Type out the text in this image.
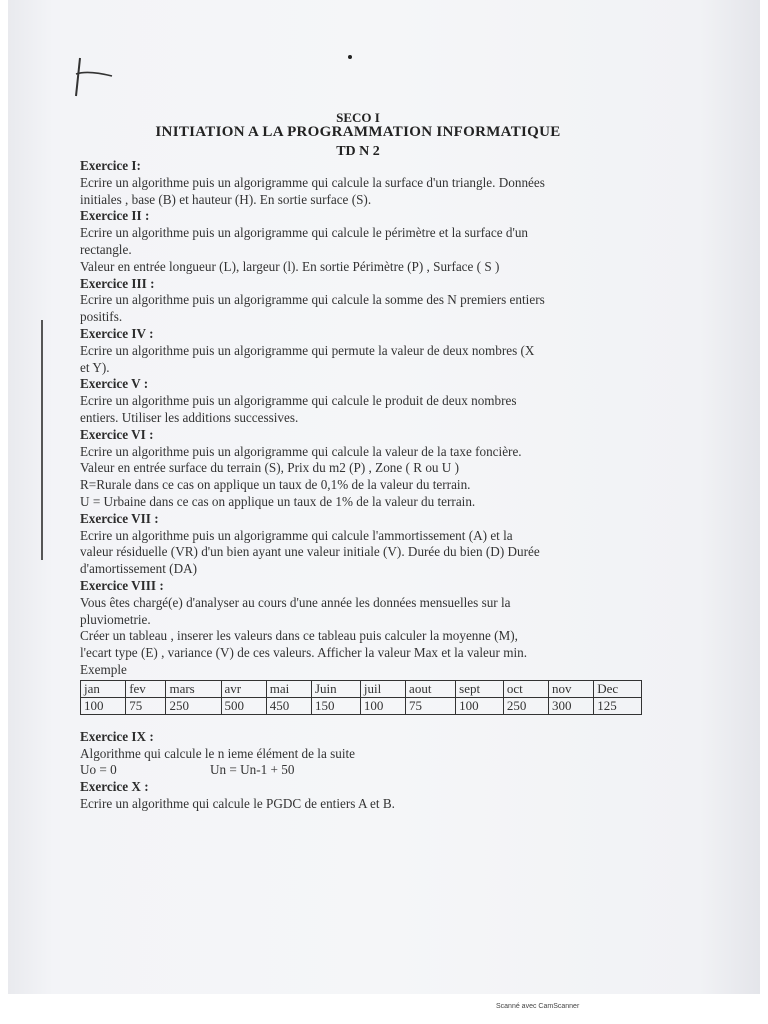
SECO I
INITIATION A LA PROGRAMMATION INFORMATIQUE
TD N 2

Exercice I:

Ecrire un algorithme puis un algorigramme qui calcule la surface d'un triangle. Données

initiales , base (B) et hauteur (H). En sortie surface (S).

Exercice II :

Ecrire un algorithme puis un algorigramme qui calcule le périmètre et la surface d'un

rectangle.

Valeur en entrée longueur (L), largeur (l). En sortie Périmètre (P) , Surface ( S )

Exercice III :

Ecrire un algorithme puis un algorigramme qui calcule la somme des N premiers entiers

positifs.

Exercice IV :

Ecrire un algorithme puis un algorigramme qui permute la valeur de deux nombres (X

et Y).

Exercice V :

Ecrire un algorithme puis un algorigramme qui calcule le produit de deux nombres

entiers. Utiliser les additions successives.

Exercice VI :

Ecrire un algorithme puis un algorigramme qui calcule la valeur de la taxe foncière.

Valeur en entrée surface du terrain (S), Prix du m2 (P) , Zone ( R ou U )

R=Rurale dans ce cas on applique un taux de 0,1% de la valeur du terrain.

U = Urbaine dans ce cas on applique un taux de 1% de la valeur du terrain.

Exercice VII :

Ecrire un algorithme puis un algorigramme qui calcule l'ammortissement (A) et la

valeur résiduelle (VR) d'un bien ayant une valeur initiale (V). Durée du bien (D) Durée

d'amortissement (DA)

Exercice VIII :

Vous êtes chargé(e) d'analyser au cours d'une année les données mensuelles sur la

pluviometrie.

Créer un tableau , inserer les valeurs dans ce tableau puis calculer la moyenne (M),

l'ecart type (E) , variance (V) de ces valeurs. Afficher la valeur Max et la valeur min.

Exemple

jan	fev	mars	avr	mai	Juin	juil	aout	sept	oct	nov	Dec
100	75	250	500	450	150	100	75	100	250	300	125

Exercice IX :

Algorithme qui calcule le n ieme élément de la suite

Uo = 0	Un = Un-1 + 50

Exercice X :

Ecrire un algorithme qui calcule le PGDC de entiers A et B.

Scanné avec CamScanner
